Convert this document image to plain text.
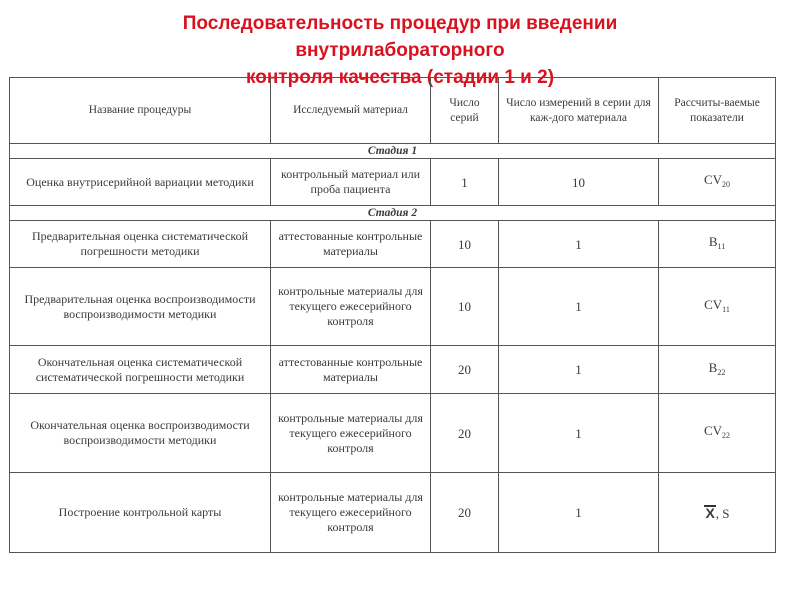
Последовательность процедур при введении
внутрилабораторного
контроля качества (стадии 1 и 2)
Название процедуры	Исследуемый материал	Число серий	Число измерений в серии для каж-дого материала	Рассчиты-ваемые показатели
Стадия 1				
Оценка внутрисерийной вариации методики	контрольный материал или проба пациента	1	10	$CV_{20}$
Стадия 2				
Предварительная оценка систематической погрешности методики	аттестованные контрольные материалы	10	1	$B_{11}$
Предварительная оценка воспроизводимости воспроизводимости методики	контрольные материалы для текущего ежесерийного контроля	10	1	$CV_{11}$
Окончательная оценка систематической систематической погрешности методики	аттестованные контрольные материалы	20	1	$B_{22}$
Окончательная оценка воспроизводимости воспроизводимости методики	контрольные материалы для текущего ежесерийного контроля	20	1	$CV_{22}$
Построение контрольной карты	контрольные материалы для текущего ежесерийного контроля	20	1	X, S
